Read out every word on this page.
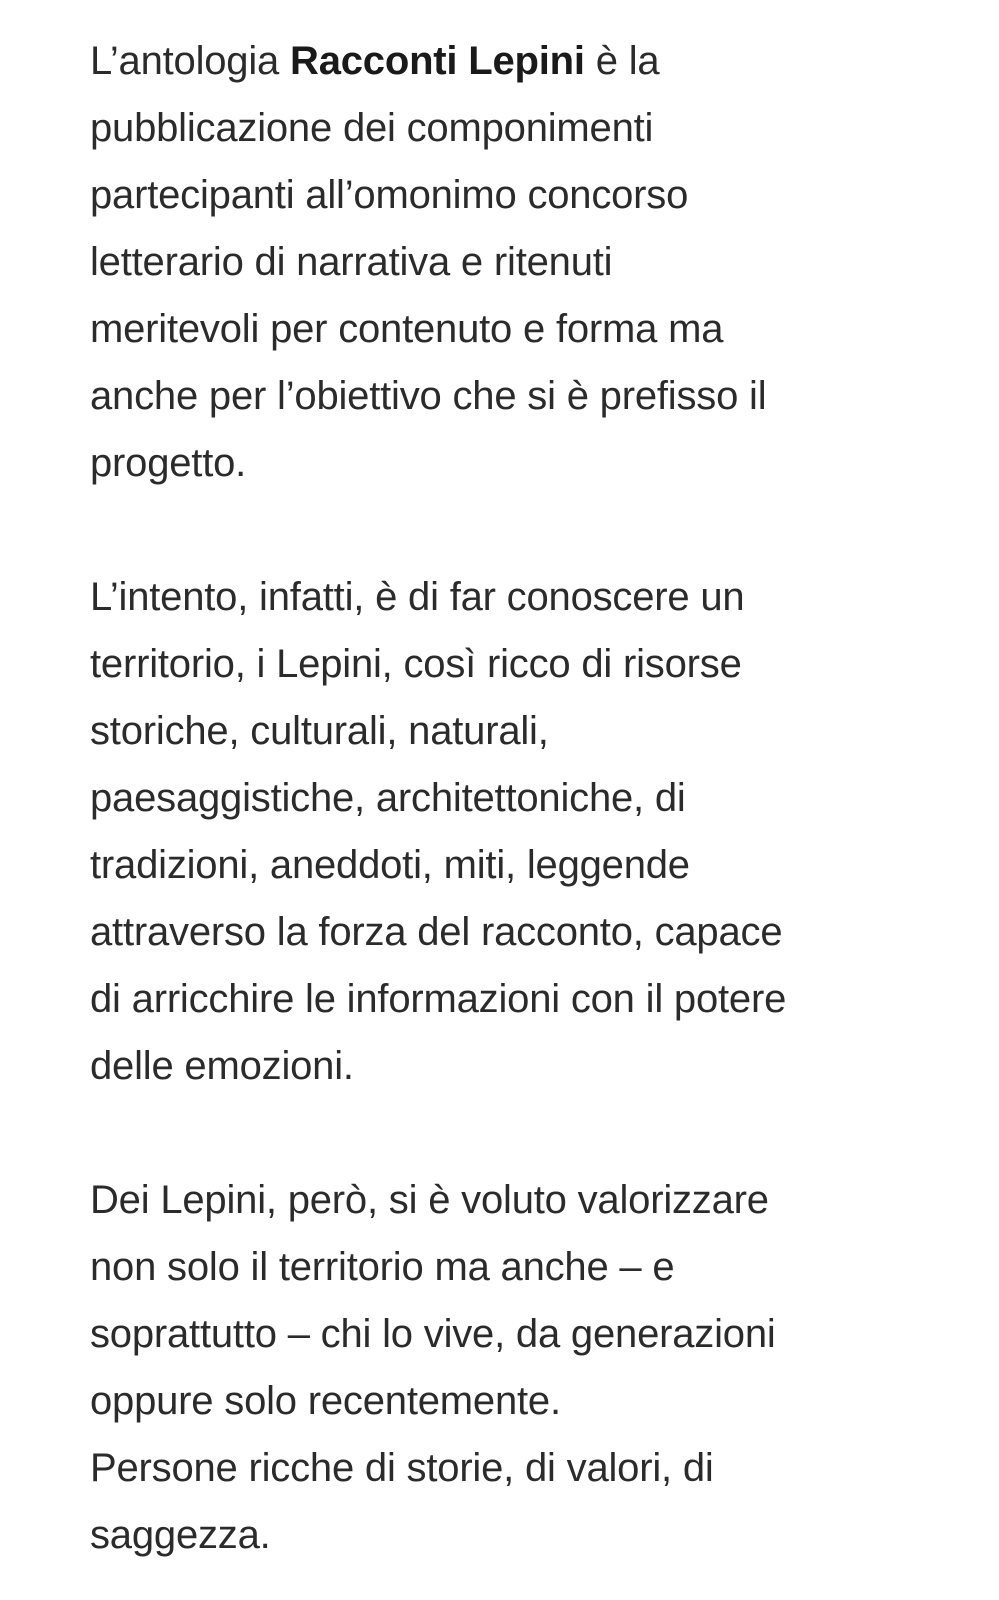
L’antologia Racconti Lepini è la
pubblicazione dei componimenti
partecipanti all’omonimo concorso
letterario di narrativa e ritenuti
meritevoli per contenuto e forma ma
anche per l’obiettivo che si è prefisso il
progetto.

L’intento, infatti, è di far conoscere un
territorio, i Lepini, così ricco di risorse
storiche, culturali, naturali,
paesaggistiche, architettoniche, di
tradizioni, aneddoti, miti, leggende
attraverso la forza del racconto, capace
di arricchire le informazioni con il potere
delle emozioni.

Dei Lepini, però, si è voluto valorizzare
non solo il territorio ma anche – e
soprattutto – chi lo vive, da generazioni
oppure solo recentemente.
Persone ricche di storie, di valori, di
saggezza.
